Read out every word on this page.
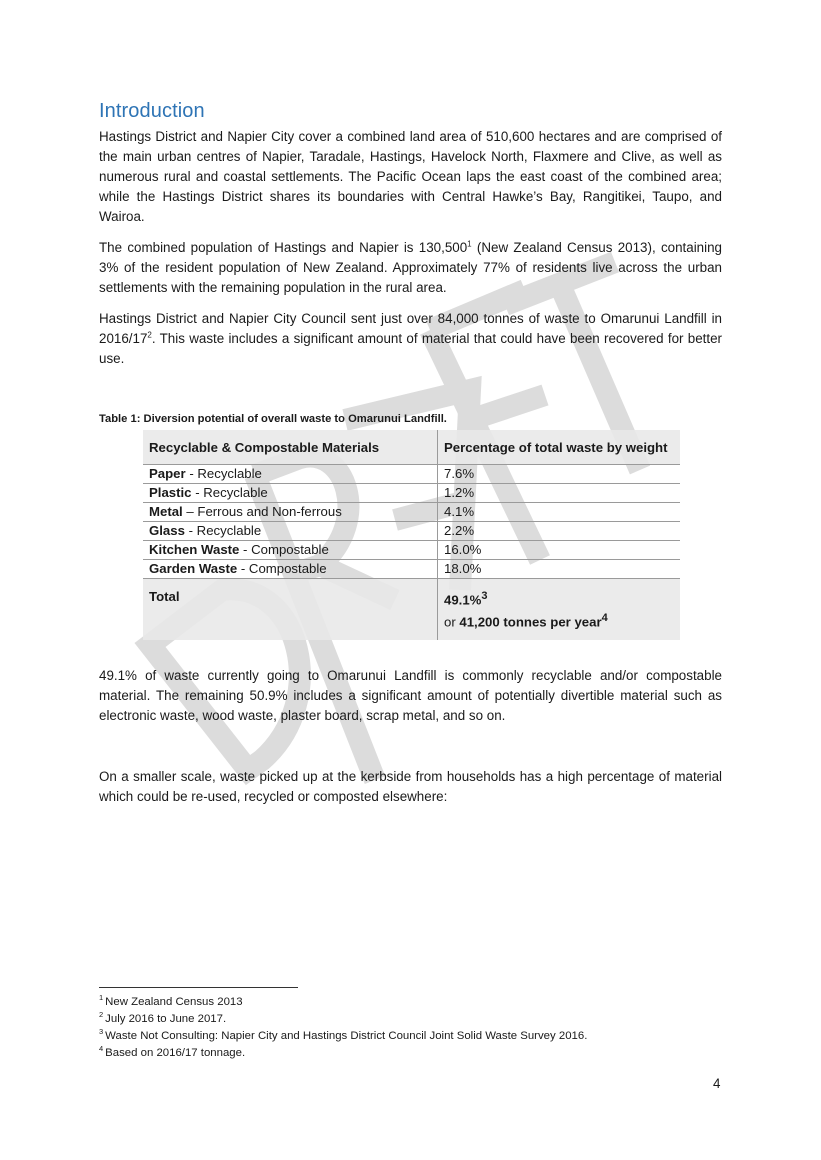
Introduction

Hastings District and Napier City cover a combined land area of 510,600 hectares and are comprised of the main urban centres of Napier, Taradale, Hastings, Havelock North, Flaxmere and Clive, as well as numerous rural and coastal settlements. The Pacific Ocean laps the east coast of the combined area; while the Hastings District shares its boundaries with Central Hawke’s Bay, Rangitikei, Taupo, and Wairoa.

The combined population of Hastings and Napier is 130,500$^1$ (New Zealand Census 2013), containing 3% of the resident population of New Zealand. Approximately 77% of residents live across the urban settlements with the remaining population in the rural area.

Hastings District and Napier City Council sent just over 84,000 tonnes of waste to Omarunui Landfill in $2016/17^2$. This waste includes a significant amount of material that could have been recovered for better use.

Table 1: Diversion potential of overall waste to Omarunui Landfill.

Recyclable & Compostable Materials	Percentage of total waste by weight
Paper - Recyclable	7.6%
Plastic - Recyclable	1.2%
Metal – Ferrous and Non-ferrous	4.1%
Glass - Recyclable	2.2%
Kitchen Waste - Compostable	16.0%
Garden Waste - Compostable	18.0%
Total	49.1%$^3$
or 41,200 tonnes per year$^4$

49.1% of waste currently going to Omarunui Landfill is commonly recyclable and/or compostable material. The remaining 50.9% includes a significant amount of potentially divertible material such as electronic waste, wood waste, plaster board, scrap metal, and so on.

On a smaller scale, waste picked up at the kerbside from households has a high percentage of material which could be re-used, recycled or composted elsewhere:

$^1$ New Zealand Census 2013
$^2$ July 2016 to June 2017.
$^3$ Waste Not Consulting: Napier City and Hastings District Council Joint Solid Waste Survey 2016.
$^4$ Based on 2016/17 tonnage.
4
